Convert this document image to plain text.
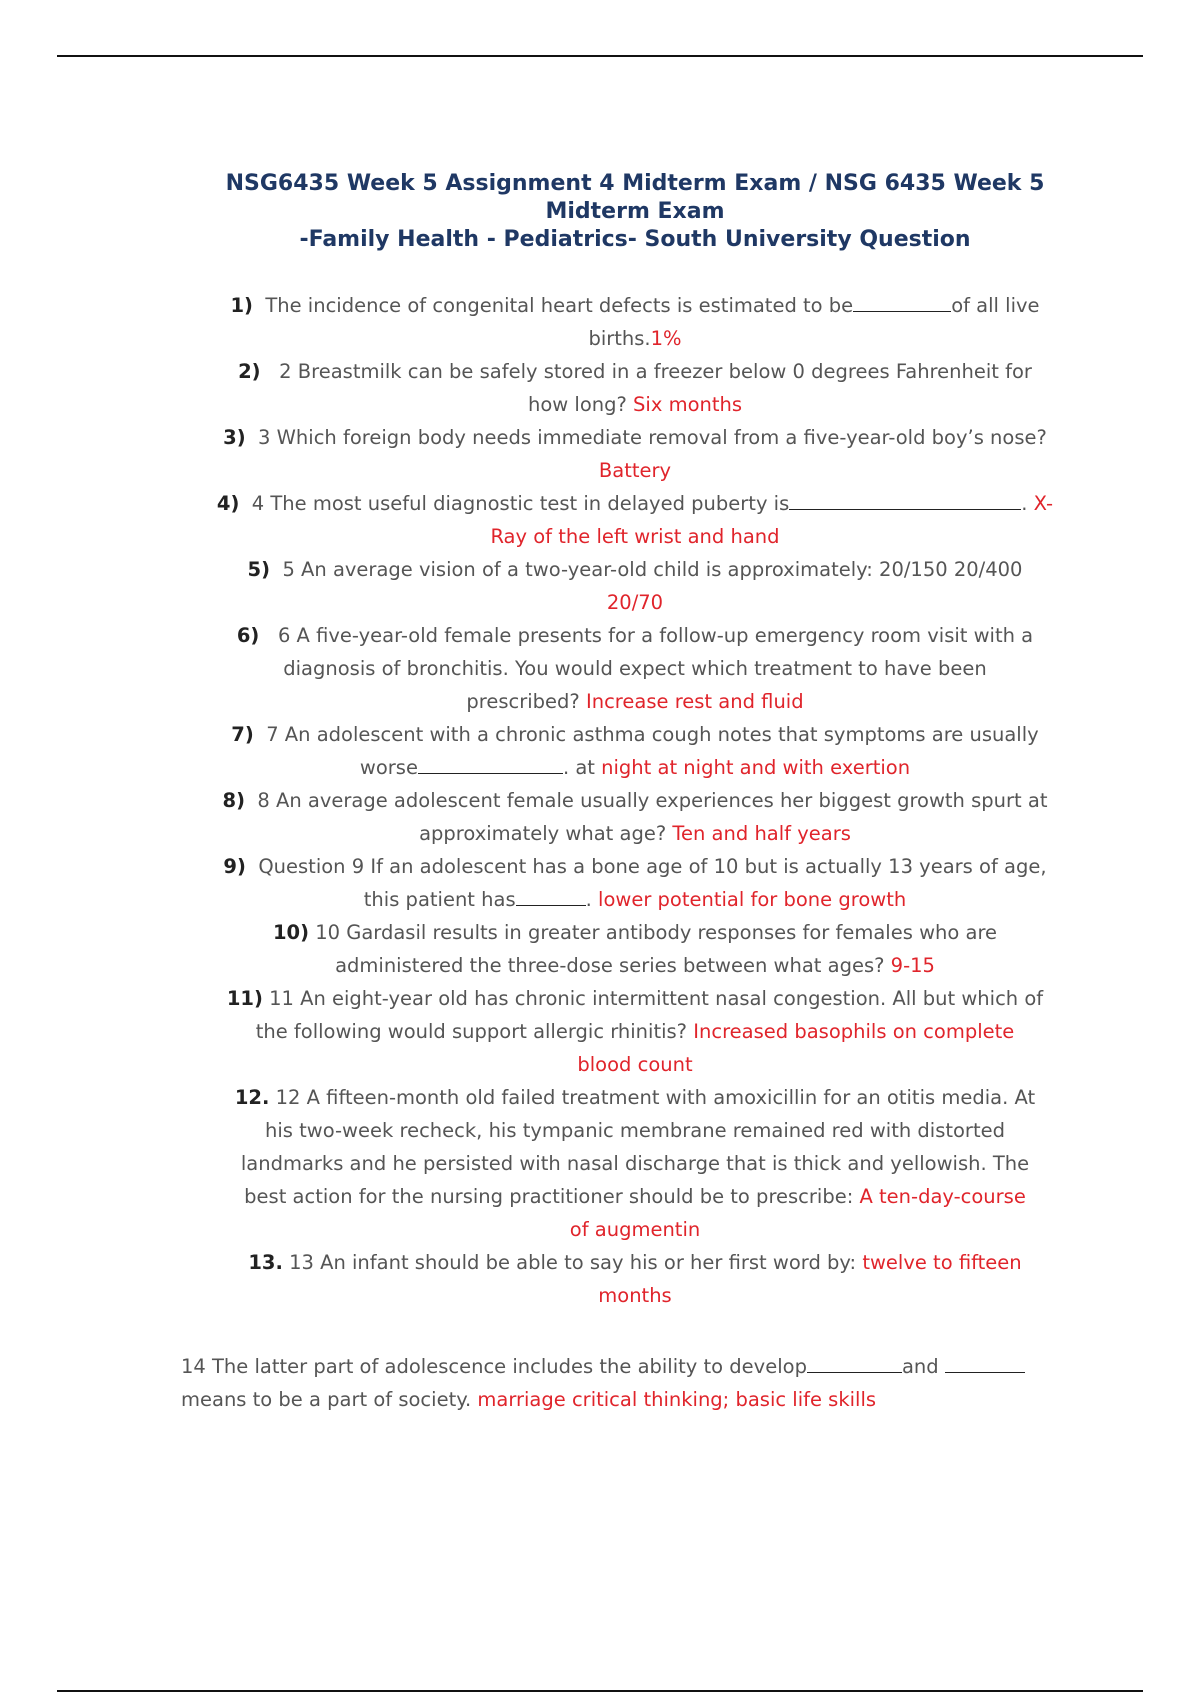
NSG6435 Week 5 Assignment 4 Midterm Exam / NSG 6435 Week 5
Midterm Exam
-Family Health - Pediatrics- South University Question
1) The incidence of congenital heart defects is estimated to be	of all live
births.1%
2) 2 Breastmilk can be safely stored in a freezer below 0 degrees Fahrenheit for
how long? Six months
3) 3 Which foreign body needs immediate removal from a five-year-old boy’s nose?
Battery
4) 4 The most useful diagnostic test in delayed puberty is	. X-
Ray of the left wrist and hand
5) 5 An average vision of a two-year-old child is approximately: 20/150 20/400
20/70
6) 6 A five-year-old female presents for a follow-up emergency room visit with a
diagnosis of bronchitis. You would expect which treatment to have been
prescribed? Increase rest and fluid
7) 7 An adolescent with a chronic asthma cough notes that symptoms are usually
worse	. at night at night and with exertion
8) 8 An average adolescent female usually experiences her biggest growth spurt at
approximately what age? Ten and half years
9) Question 9 If an adolescent has a bone age of 10 but is actually 13 years of age,
this patient has	. lower potential for bone growth
10) 10 Gardasil results in greater antibody responses for females who are
administered the three-dose series between what ages? 9-15
11) 11 An eight-year old has chronic intermittent nasal congestion. All but which of
the following would support allergic rhinitis? Increased basophils on complete
blood count
12. 12 A fifteen-month old failed treatment with amoxicillin for an otitis media. At
his two-week recheck, his tympanic membrane remained red with distorted
landmarks and he persisted with nasal discharge that is thick and yellowish. The
best action for the nursing practitioner should be to prescribe: A ten-day-course
of augmentin
13. 13 An infant should be able to say his or her first word by: twelve to fifteen
months
14 The latter part of adolescence includes the ability to develop	and
means to be a part of society. marriage critical thinking; basic life skills
